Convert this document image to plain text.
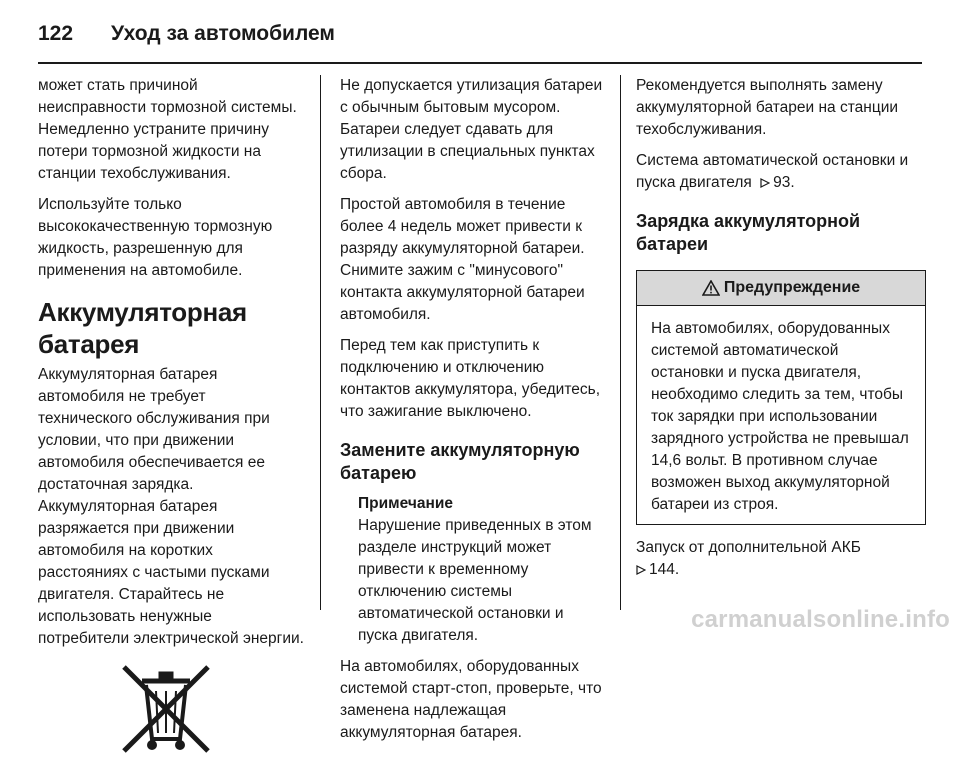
122 Уход за автомобилем

может стать причиной неисправности тормозной системы. Немедленно устраните причину потери тормозной жидкости на станции техобслуживания.

Используйте только высококачественную тормозную жидкость, разрешенную для применения на автомобиле.

Аккумуляторная батарея

Аккумуляторная батарея автомобиля не требует технического обслуживания при условии, что при движении автомобиля обеспечивается ее достаточная зарядка. Аккумуляторная батарея разряжается при движении автомобиля на коротких расстояниях с частыми пусками двигателя. Старайтесь не использовать ненужные потребители электрической энергии.

Не допускается утилизация батареи с обычным бытовым мусором. Батареи следует сдавать для утилизации в специальных пунктах сбора.

Простой автомобиля в течение более 4 недель может привести к разряду аккумуляторной батареи. Снимите зажим с "минусового" контакта аккумуляторной батареи автомобиля.

Перед тем как приступить к подключению и отключению контактов аккумулятора, убедитесь, что зажигание выключено.

Замените аккумуляторную батарею
Примечание
Нарушение приведенных в этом разделе инструкций может привести к временному отключению системы автоматической остановки и пуска двигателя.

На автомобилях, оборудованных системой старт-стоп, проверьте, что заменена надлежащая аккумуляторная батарея.

Рекомендуется выполнять замену аккумуляторной батареи на станции техобслуживания.

Система автоматической остановки и пуска двигателя 93.

Зарядка аккумуляторной батареи
Предупреждение
На автомобилях, оборудованных системой автоматической остановки и пуска двигателя, необходимо следить за тем, чтобы ток зарядки при использовании зарядного устройства не превышал 14,6 вольт. В противном случае возможен выход аккумуляторной батареи из строя.

Запуск от дополнительной АКБ
144.

carmanualsonline.info
